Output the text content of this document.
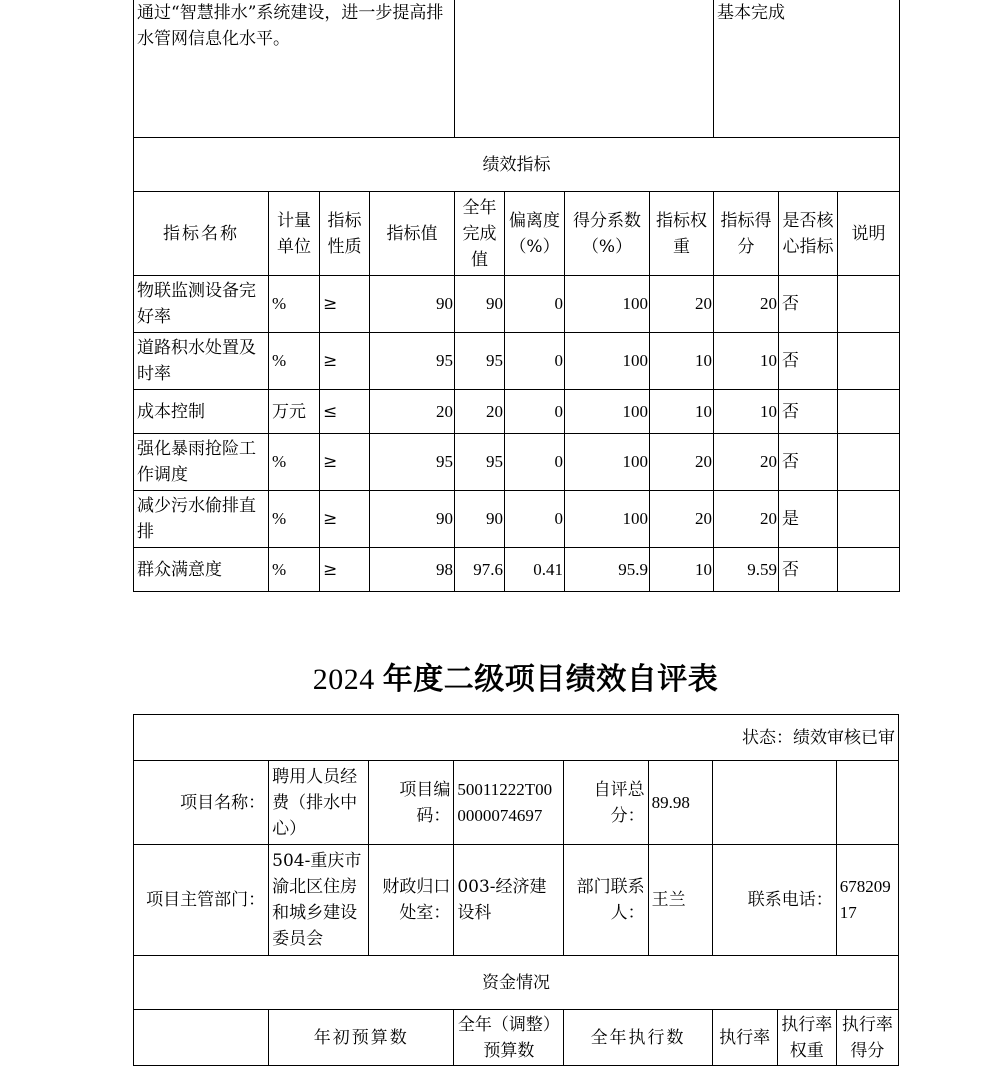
通过“智慧排水”系统建设，进一步提高排水管网信息化水平。								基本完成		
绩效指标										
指标名称	计量单位	指标性质	指标值	全年完成值	偏离度（%）	得分系数（%）	指标权重	指标得分	是否核心指标	说明
物联监测设备完好率	%	≥	90	90	0	100	20	20	否	
道路积水处置及时率	%	≥	95	95	0	100	10	10	否	
成本控制	万元	≤	20	20	0	100	10	10	否	
强化暴雨抢险工作调度	%	≥	95	95	0	100	20	20	否	
减少污水偷排直排	%	≥	90	90	0	100	20	20	是	
群众满意度	%	≥	98	97.6	0.41	95.9	10	9.59	否	
2024 年度二级项目绩效自评表
状态：绩效审核已审								
项目名称：	聘用人员经费（排水中心）	项目编码：	50011222T000000074697	自评总分：	89.98			
项目主管部门：	504-重庆市渝北区住房和城乡建设委员会	财政归口处室：	003-经济建设科	部门联系人：	王兰	联系电话：		67820917
资金情况								
	年初预算数		全年（调整）预算数	全年执行数		执行率	执行率权重	执行率得分
